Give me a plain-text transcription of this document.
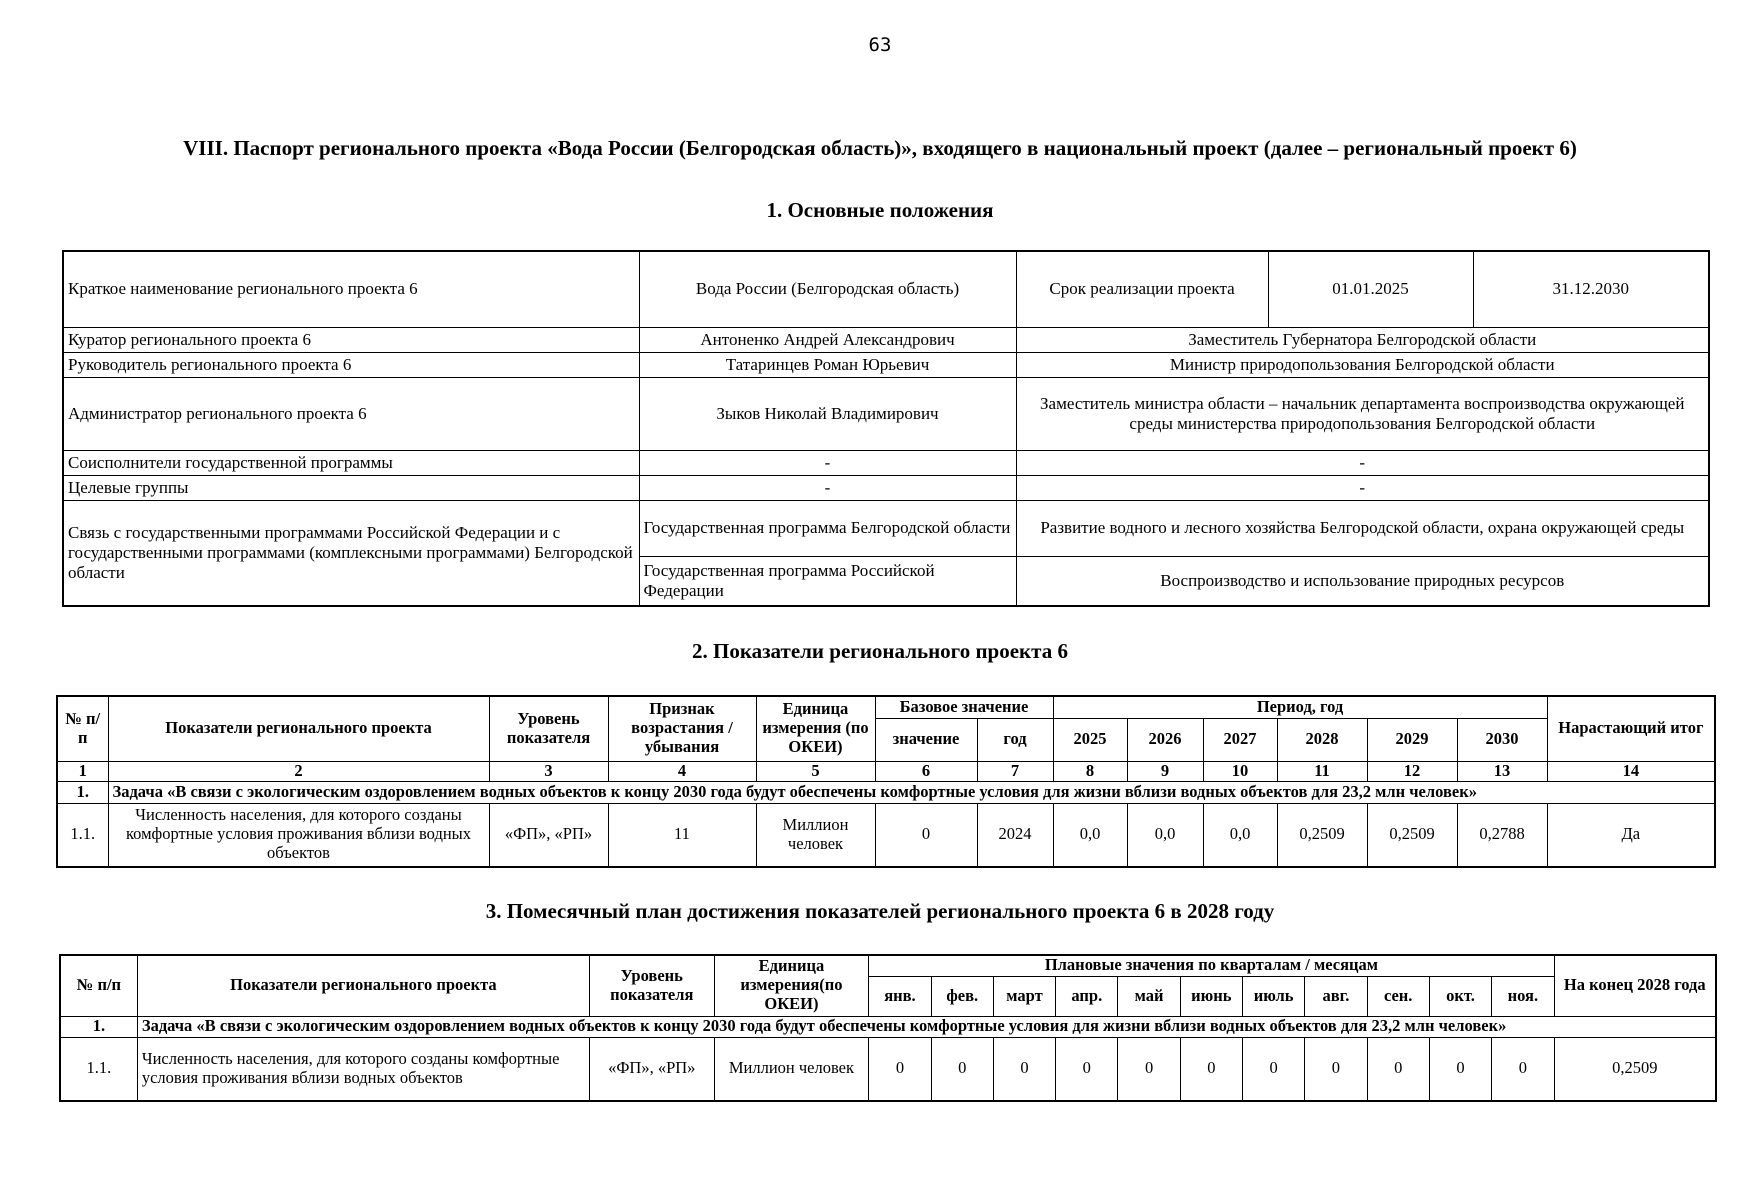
63
VIII. Паспорт регионального проекта «Вода России (Белгородская область)», входящего в национальный проект (далее – региональный проект 6)
1. Основные положения
Краткое наименование регионального проекта 6	Вода России (Белгородская область)	Срок реализации проекта	01.01.2025	31.12.2030
Куратор регионального проекта 6	Антоненко Андрей Александрович	Заместитель Губернатора Белгородской области		
Руководитель регионального проекта 6	Татаринцев Роман Юрьевич	Министр природопользования Белгородской области		
Администратор регионального проекта 6	Зыков Николай Владимирович	Заместитель министра области – начальник департамента воспроизводства окружающей среды министерства природопользования Белгородской области		
Соисполнители государственной программы	-	-		
Целевые группы	-	-		
Связь с государственными программами Российской Федерации и с государственными программами (комплексными программами) Белгородской области	Государственная программа Белгородской области	Развитие водного и лесного хозяйства Белгородской области, охрана окружающей среды		
	Государственная программа Российской Федерации	Воспроизводство и использование природных ресурсов		
2. Показатели регионального проекта 6
№ п/п	Показатели регионального проекта	Уровень показателя	Признак возрастания / убывания	Единица измерения (по ОКЕИ)	Базовое значение		Период, год						Нарастающий итог
					значение	год	2025	2026	2027	2028	2029	2030	
1	2	3	4	5	6	7	8	9	10	11	12	13	14
1.	Задача «В связи с экологическим оздоровлением водных объектов к концу 2030 года будут обеспечены комфортные условия для жизни вблизи водных объектов для 23,2 млн человек»												
1.1.	Численность населения, для которого созданы комфортные условия проживания вблизи водных объектов	«ФП», «РП»	11	Миллион человек	0	2024	0,0	0,0	0,0	0,2509	0,2509	0,2788	Да
3. Помесячный план достижения показателей регионального проекта 6 в 2028 году
№ п/п	Показатели регионального проекта	Уровень показателя	Единица измерения(по ОКЕИ)	Плановые значения по кварталам / месяцам											На конец 2028 года
				янв.	фев.	март	апр.	май	июнь	июль	авг.	сен.	окт.	ноя.	
1.	Задача «В связи с экологическим оздоровлением водных объектов к концу 2030 года будут обеспечены комфортные условия для жизни вблизи водных объектов для 23,2 млн человек»														
1.1.	Численность населения, для которого созданы комфортные условия проживания вблизи водных объектов	«ФП», «РП»	Миллион человек	0	0	0	0	0	0	0	0	0	0	0	0,2509
